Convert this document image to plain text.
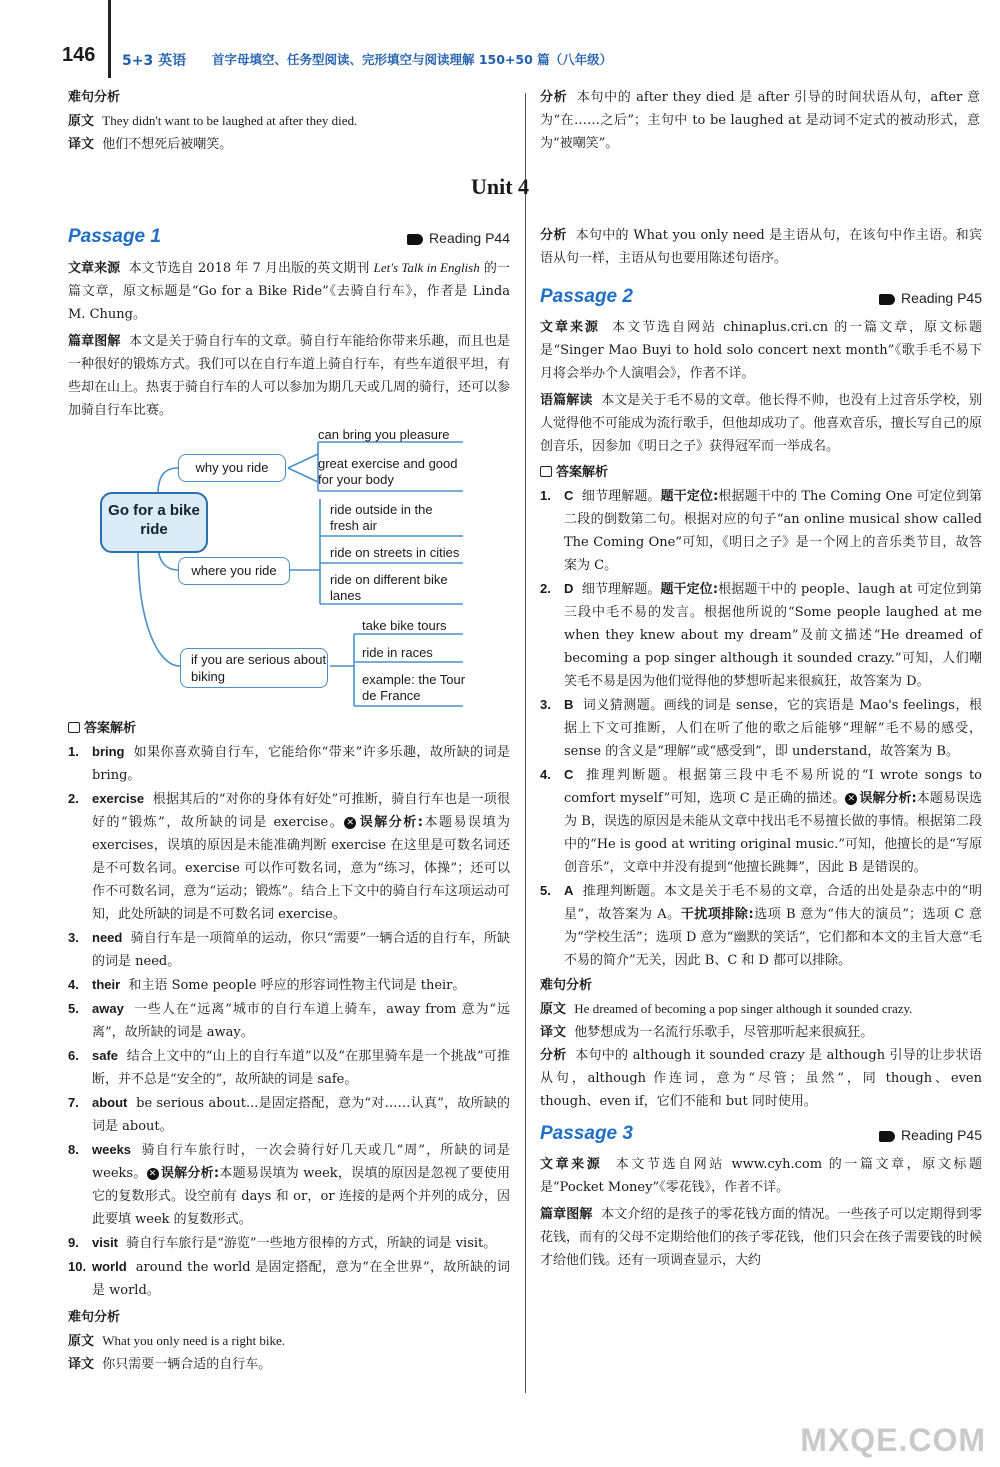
146 5+3 英语 首字母填空、任务型阅读、完形填空与阅读理解 150+50 篇（八年级）
难句分析
原文 They didn't want to be laughed at after they died.
译文 他们不想死后被嘲笑。

分析 本句中的 after they died 是 after 引导的时间状语从句，after 意为“在……之后”；主句中 to be laughed at 是动词不定式的被动形式，意为“被嘲笑”。

Unit 4
Passage 1	Reading P44

文章来源 本文节选自 2018 年 7 月出版的英文期刊 Let's Talk in English 的一篇文章，原文标题是“Go for a Bike Ride”《去骑自行车》，作者是 Linda M. Chung。

篇章图解 本文是关于骑自行车的文章。骑自行车能给你带来乐趣，而且也是一种很好的锻炼方式。我们可以在自行车道上骑自行车，有些车道很平坦，有些却在山上。热衷于骑自行车的人可以参加为期几天或几周的骑行，还可以参加骑自行车比赛。

Go for a bike ride
why you ride
can bring you pleasure
great exercise and good for your body
where you ride
ride outside in the fresh air
ride on streets in cities
ride on different bike lanes
if you are serious about biking
take bike tours
ride in races
example: the Tour de France
答案解析
1. bring 如果你喜欢骑自行车，它能给你“带来”许多乐趣，故所缺的词是 bring。
2. exercise 根据其后的“对你的身体有好处”可推断，骑自行车也是一项很好的“锻炼”，故所缺的词是 exercise。 ✕ 误解分析:本题易误填为 exercises，误填的原因是未能准确判断 exercise 在这里是可数名词还是不可数名词。exercise 可以作可数名词，意为“练习，体操”；还可以作不可数名词，意为“运动；锻炼”。结合上下文中的骑自行车这项运动可知，此处所缺的词是不可数名词 exercise。
3. need 骑自行车是一项简单的运动，你只“需要”一辆合适的自行车，所缺的词是 need。
4. their 和主语 Some people 呼应的形容词性物主代词是 their。
5. away 一些人在“远离”城市的自行车道上骑车，away from 意为“远离”，故所缺的词是 away。
6. safe 结合上文中的“山上的自行车道”以及“在那里骑车是一个挑战”可推断，并不总是“安全的”，故所缺的词是 safe。
7. about be serious about...是固定搭配，意为“对……认真”，故所缺的词是 about。
8. weeks 骑自行车旅行时，一次会骑行好几天或几“周”，所缺的词是 weeks。 ✕ 误解分析:本题易误填为 week，误填的原因是忽视了要使用它的复数形式。设空前有 days 和 or，or 连接的是两个并列的成分，因此要填 week 的复数形式。
9. visit 骑自行车旅行是“游览”一些地方很棒的方式，所缺的词是 visit。
10. world around the world 是固定搭配，意为“在全世界”，故所缺的词是 world。
难句分析
原文 What you only need is a right bike.
译文 你只需要一辆合适的自行车。

分析 本句中的 What you only need 是主语从句，在该句中作主语。和宾语从句一样，主语从句也要用陈述句语序。

Passage 2	Reading P45

文章来源 本文节选自网站 chinaplus.cri.cn 的一篇文章，原文标题是“Singer Mao Buyi to hold solo concert next month”《歌手毛不易下月将会举办个人演唱会》，作者不详。

语篇解读 本文是关于毛不易的文章。他长得不帅，也没有上过音乐学校，别人觉得他不可能成为流行歌手，但他却成功了。他喜欢音乐，擅长写自己的原创音乐，因参加《明日之子》获得冠军而一举成名。

答案解析
1. C 细节理解题。题干定位:根据题干中的 The Coming One 可定位到第二段的倒数第二句。根据对应的句子“an online musical show called The Coming One”可知，《明日之子》是一个网上的音乐类节目，故答案为 C。
2. D 细节理解题。题干定位:根据题干中的 people、laugh at 可定位到第三段中毛不易的发言。根据他所说的“Some people laughed at me when they knew about my dream”及前文描述“He dreamed of becoming a pop singer although it sounded crazy.”可知，人们嘲笑毛不易是因为他们觉得他的梦想听起来很疯狂，故答案为 D。
3. B 词义猜测题。画线的词是 sense，它的宾语是 Mao's feelings，根据上下文可推断，人们在听了他的歌之后能够“理解”毛不易的感受，sense 的含义是“理解”或“感受到”，即 understand，故答案为 B。
4. C 推理判断题。根据第三段中毛不易所说的“I wrote songs to comfort myself”可知，选项 C 是正确的描述。 ✕ 误解分析:本题易误选为 B，误选的原因是未能从文章中找出毛不易擅长做的事情。根据第二段中的“He is good at writing original music.”可知，他擅长的是“写原创音乐”，文章中并没有提到“他擅长跳舞”，因此 B 是错误的。
5. A 推理判断题。本文是关于毛不易的文章，合适的出处是杂志中的“明星”，故答案为 A。干扰项排除:选项 B 意为“伟大的演员”；选项 C 意为“学校生活”；选项 D 意为“幽默的笑话”，它们都和本文的主旨大意“毛不易的简介”无关，因此 B、C 和 D 都可以排除。
难句分析

原文 He dreamed of becoming a pop singer although it sounded crazy.

译文 他梦想成为一名流行乐歌手，尽管那听起来很疯狂。

分析 本句中的 although it sounded crazy 是 although 引导的让步状语从句，although 作连词，意为“尽管；虽然”，同 though、even though、even if，它们不能和 but 同时使用。

Passage 3	Reading P45

文章来源 本文节选自网站 www.cyh.com 的一篇文章，原文标题是“Pocket Money”《零花钱》，作者不详。

篇章图解 本文介绍的是孩子的零花钱方面的情况。一些孩子可以定期得到零花钱，而有的父母不定期给他们的孩子零花钱，他们只会在孩子需要钱的时候才给他们钱。还有一项调查显示，大约

MXQE.COM
